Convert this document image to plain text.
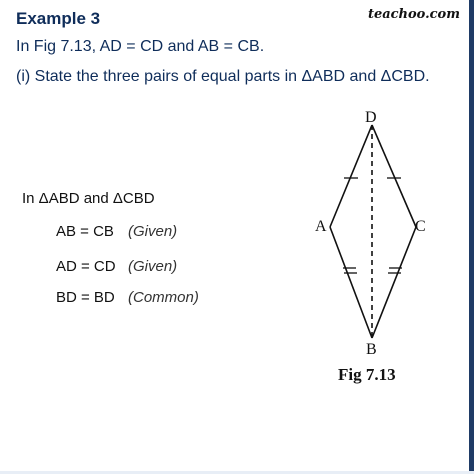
teachoo.com
Example 3
In Fig 7.13, AD = CD and AB = CB.
(i) State the three pairs of equal parts in ΔABD and ΔCBD.
In ΔABD and ΔCBD
AB = CB (Given)
AD = CD (Given)
BD = BD (Common)
D
A	C
B
Fig 7.13
